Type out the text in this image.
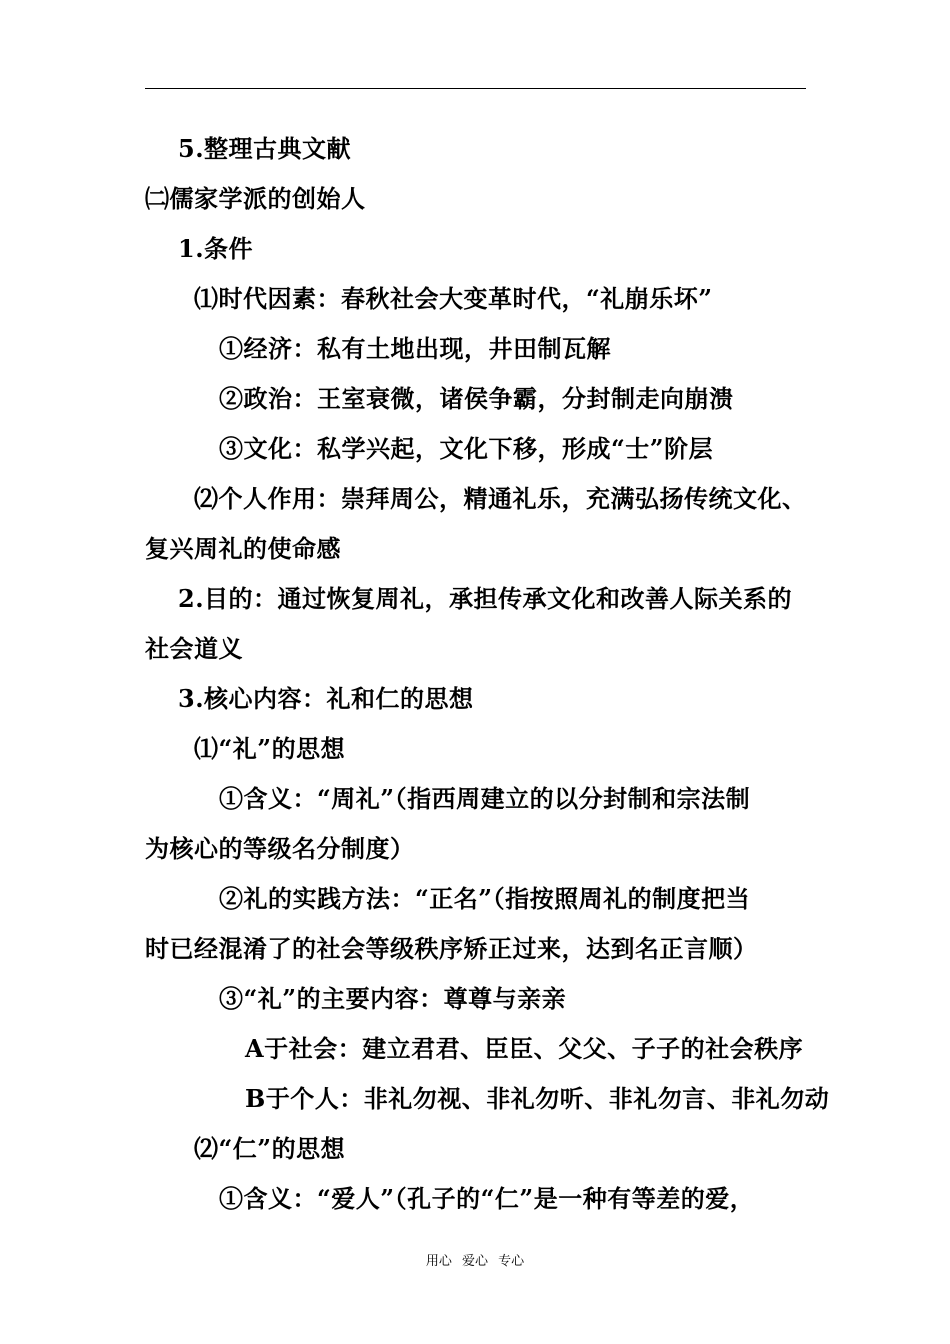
5.整理古典文献
㈡儒家学派的创始人
1.条件
⑴时代因素：春秋社会大变革时代，“礼崩乐坏”
①经济：私有土地出现，井田制瓦解
②政治：王室衰微，诸侯争霸，分封制走向崩溃
③文化：私学兴起，文化下移，形成“士”阶层
⑵个人作用：崇拜周公，精通礼乐，充满弘扬传统文化、
复兴周礼的使命感
2.目的：通过恢复周礼，承担传承文化和改善人际关系的
社会道义
3.核心内容：礼和仁的思想
⑴“礼”的思想
①含义：“周礼”（指西周建立的以分封制和宗法制
为核心的等级名分制度）
②礼的实践方法：“正名”（指按照周礼的制度把当
时已经混淆了的社会等级秩序矫正过来，达到名正言顺）
③“礼”的主要内容：尊尊与亲亲
A于社会：建立君君、臣臣、父父、子子的社会秩序
B于个人：非礼勿视、非礼勿听、非礼勿言、非礼勿动
⑵“仁”的思想
①含义：“爱人”（孔子的“仁”是一种有等差的爱，
用心 爱心 专心
